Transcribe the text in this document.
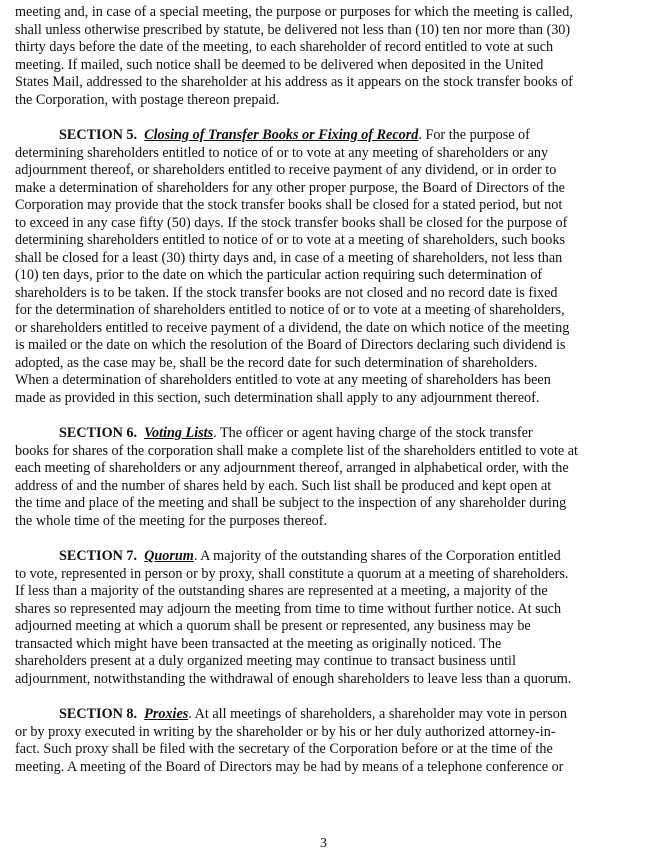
meeting and, in case of a special meeting, the purpose or purposes for which the meeting is called,
shall unless otherwise prescribed by statute, be delivered not less than (10) ten nor more than (30)
thirty days before the date of the meeting, to each shareholder of record entitled to vote at such
meeting. If mailed, such notice shall be deemed to be delivered when deposited in the United
States Mail, addressed to the shareholder at his address as it appears on the stock transfer books of
the Corporation, with postage thereon prepaid.
SECTION 5. Closing of Transfer Books or Fixing of Record. For the purpose of
determining shareholders entitled to notice of or to vote at any meeting of shareholders or any
adjournment thereof, or shareholders entitled to receive payment of any dividend, or in order to
make a determination of shareholders for any other proper purpose, the Board of Directors of the
Corporation may provide that the stock transfer books shall be closed for a stated period, but not
to exceed in any case fifty (50) days. If the stock transfer books shall be closed for the purpose of
determining shareholders entitled to notice of or to vote at a meeting of shareholders, such books
shall be closed for a least (30) thirty days and, in case of a meeting of shareholders, not less than
(10) ten days, prior to the date on which the particular action requiring such determination of
shareholders is to be taken. If the stock transfer books are not closed and no record date is fixed
for the determination of shareholders entitled to notice of or to vote at a meeting of shareholders,
or shareholders entitled to receive payment of a dividend, the date on which notice of the meeting
is mailed or the date on which the resolution of the Board of Directors declaring such dividend is
adopted, as the case may be, shall be the record date for such determination of shareholders.
When a determination of shareholders entitled to vote at any meeting of shareholders has been
made as provided in this section, such determination shall apply to any adjournment thereof.
SECTION 6. Voting Lists. The officer or agent having charge of the stock transfer
books for shares of the corporation shall make a complete list of the shareholders entitled to vote at
each meeting of shareholders or any adjournment thereof, arranged in alphabetical order, with the
address of and the number of shares held by each. Such list shall be produced and kept open at
the time and place of the meeting and shall be subject to the inspection of any shareholder during
the whole time of the meeting for the purposes thereof.
SECTION 7. Quorum. A majority of the outstanding shares of the Corporation entitled
to vote, represented in person or by proxy, shall constitute a quorum at a meeting of shareholders.
If less than a majority of the outstanding shares are represented at a meeting, a majority of the
shares so represented may adjourn the meeting from time to time without further notice. At such
adjourned meeting at which a quorum shall be present or represented, any business may be
transacted which might have been transacted at the meeting as originally noticed. The
shareholders present at a duly organized meeting may continue to transact business until
adjournment, notwithstanding the withdrawal of enough shareholders to leave less than a quorum.
SECTION 8. Proxies. At all meetings of shareholders, a shareholder may vote in person
or by proxy executed in writing by the shareholder or by his or her duly authorized attorney-in-
fact. Such proxy shall be filed with the secretary of the Corporation before or at the time of the
meeting. A meeting of the Board of Directors may be had by means of a telephone conference or
3
